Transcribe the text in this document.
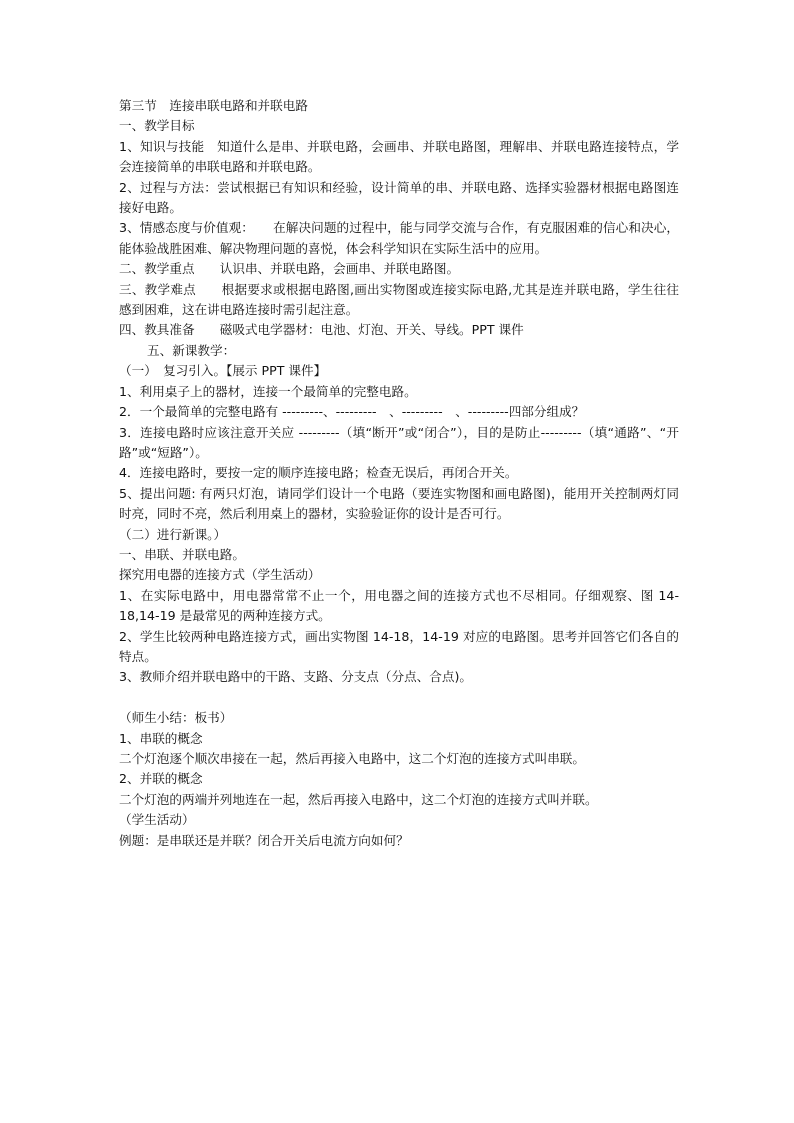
第三节　连接串联电路和并联电路

一、教学目标

1、知识与技能　知道什么是串、并联电路，会画串、并联电路图，理解串、并联电路连接特点，学会连接简单的串联电路和并联电路。

2、过程与方法：尝试根据已有知识和经验，设计简单的串、并联电路、选择实验器材根据电路图连接好电路。

3、情感态度与价值观：　　在解决问题的过程中，能与同学交流与合作，有克服困难的信心和决心，能体验战胜困难、解决物理问题的喜悦，体会科学知识在实际生活中的应用。

二、教学重点　　认识串、并联电路，会画串、并联电路图。

三、教学难点　　根据要求或根据电路图,画出实物图或连接实际电路,尤其是连并联电路，学生往往感到困难，这在讲电路连接时需引起注意。

四、教具准备　　磁吸式电学器材：电池、灯泡、开关、导线。PPT 课件

五、新课教学：

（一）　复习引入。【展示 PPT 课件】

1、利用桌子上的器材，连接一个最简单的完整电路。

2．一个最简单的完整电路有 ---------、---------　、---------　、---------四部分组成？

3．连接电路时应该注意开关应 ---------（填“断开”或“闭合”），目的是防止---------（填“通路”、“开路”或“短路”）。

4．连接电路时，要按一定的顺序连接电路；检查无误后，再闭合开关。

5、提出问题: 有两只灯泡，请同学们设计一个电路（要连实物图和画电路图)，能用开关控制两灯同时亮，同时不亮，然后利用桌上的器材，实验验证你的设计是否可行。

（二）进行新课。）

一、串联、并联电路。

探究用电器的连接方式（学生活动）

1、在实际电路中，用电器常常不止一个，用电器之间的连接方式也不尽相同。仔细观察、图 14-18,14-19 是最常见的两种连接方式。

2、学生比较两种电路连接方式，画出实物图 14-18，14-19 对应的电路图。思考并回答它们各自的特点。

3、教师介绍并联电路中的干路、支路、分支点（分点、合点)。

（师生小结：板书）

1、串联的概念

二个灯泡逐个顺次串接在一起，然后再接入电路中，这二个灯泡的连接方式叫串联。

2、并联的概念

二个灯泡的两端并列地连在一起，然后再接入电路中，这二个灯泡的连接方式叫并联。

（学生活动）

例题：是串联还是并联？闭合开关后电流方向如何？
